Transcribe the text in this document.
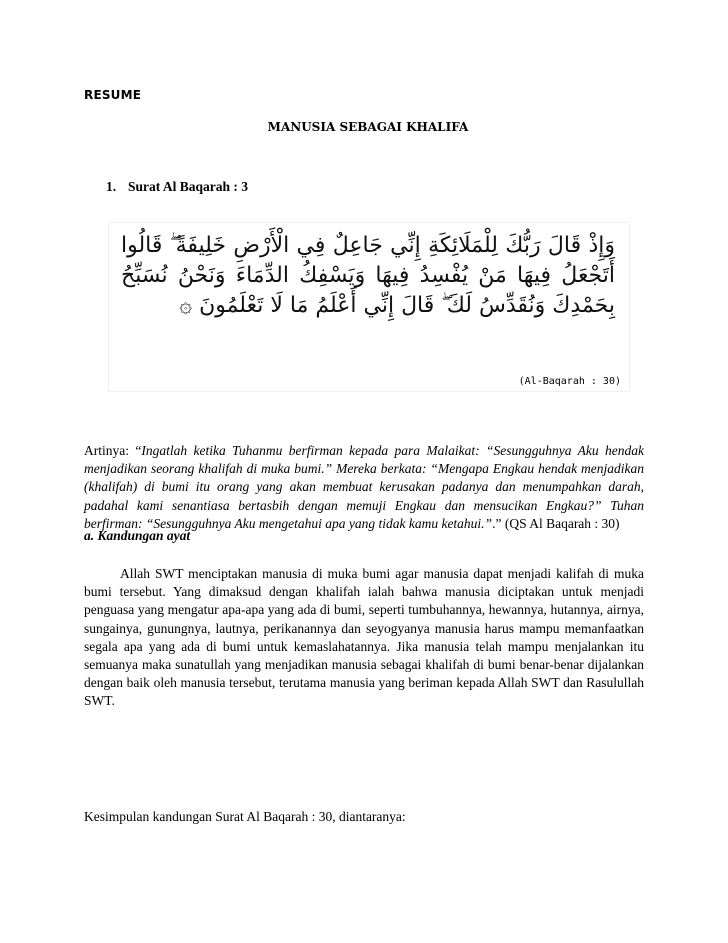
RESUME
MANUSIA SEBAGAI KHALIFA
1. Surat Al Baqarah : 3
وَإِذْ قَالَ رَبُّكَ لِلْمَلَائِكَةِ إِنِّي جَاعِلٌ فِي الْأَرْضِ خَلِيفَةً ۖ قَالُوا أَتَجْعَلُ فِيهَا مَنْ يُفْسِدُ فِيهَا وَيَسْفِكُ الدِّمَاءَ وَنَحْنُ نُسَبِّحُ بِحَمْدِكَ وَنُقَدِّسُ لَكَ ۖ قَالَ إِنِّي أَعْلَمُ مَا لَا تَعْلَمُونَ ۞
(Al-Baqarah : 30)
Artinya: “Ingatlah ketika Tuhanmu berfirman kepada para Malaikat: “Sesungguhnya Aku hendak menjadikan seorang khalifah di muka bumi.” Mereka berkata: “Mengapa Engkau hendak menjadikan (khalifah) di bumi itu orang yang akan membuat kerusakan padanya dan menumpahkan darah, padahal kami senantiasa bertasbih dengan memuji Engkau dan mensucikan Engkau?” Tuhan berfirman: “Sesungguhnya Aku mengetahui apa yang tidak kamu ketahui.”.” (QS Al Baqarah : 30)
a. Kandungan ayat
Allah SWT menciptakan manusia di muka bumi agar manusia dapat menjadi kalifah di muka bumi tersebut. Yang dimaksud dengan khalifah ialah bahwa manusia diciptakan untuk menjadi penguasa yang mengatur apa-apa yang ada di bumi, seperti tumbuhannya, hewannya, hutannya, airnya, sungainya, gunungnya, lautnya, perikanannya dan seyogyanya manusia harus mampu memanfaatkan segala apa yang ada di bumi untuk kemaslahatannya. Jika manusia telah mampu menjalankan itu semuanya maka sunatullah yang menjadikan manusia sebagai khalifah di bumi benar-benar dijalankan dengan baik oleh manusia tersebut, terutama manusia yang beriman kepada Allah SWT dan Rasulullah SWT.
Kesimpulan kandungan Surat Al Baqarah : 30, diantaranya:
